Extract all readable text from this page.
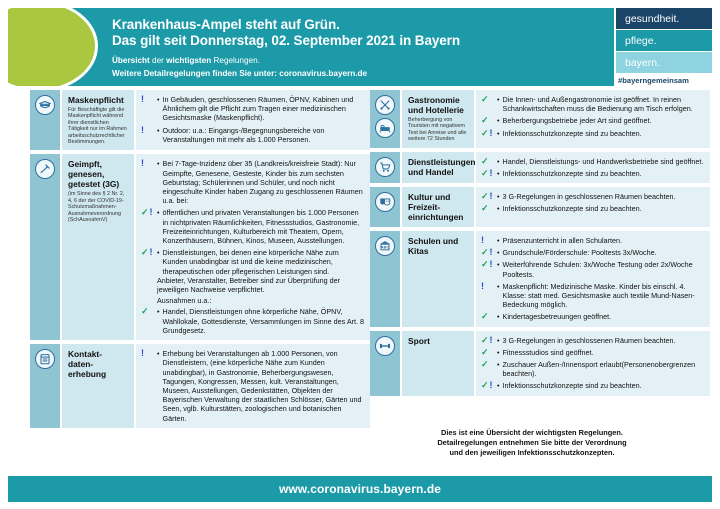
Krankenhaus-Ampel steht auf Grün.
Das gilt seit Donnerstag, 02. September 2021 in Bayern
Übersicht der wichtigsten Regelungen.
Weitere Detailregelungen finden Sie unter: coronavirus.bayern.de
gesundheit.
pflege.
bayern.
#bayerngemeinsam
Maskenpflicht
Für Beschäftigte gilt die Maskenpflicht während ihrer dienstlichen Tätigkeit nur im Rahmen arbeitsschutzrechtlicher Bestimmungen.
! • In Gebäuden, geschlossenen Räumen, ÖPNV, Kabinen und Ähnlichem gilt die Pflicht zum Tragen einer medizinischen Gesichtsmaske (Maskenpflicht).
! • Outdoor: u.a.: Eingangs-/Begegnungsbereiche von Veranstaltungen mit mehr als 1.000 Personen.
Geimpft, genesen, getestet (3G)
(im Sinne des § 2 Nr. 2, 4, 6 der der COVID-19-Schutzmaßnahmen-Ausnahmeverordnung (SchAusnahmV)
! • Bei 7-Tage-Inzidenz über 35 (Landkreis/kreisfreie Stadt): Nur Geimpfte, Genesene, Gesteste, Kinder bis zum sechsten Geburtstag; Schülerinnen und Schüler, und noch nicht eingeschulte Kinder haben Zugang zu geschlossenen Räumen u.a. bei:
✓ ! • öffentlichen und privaten Veranstaltungen bis 1.000 Personen in nichtprivaten Räumlichkeiten, Fitnessstudios, Gastronomie, Freizeiteinrichtungen, Kulturbereich mit Theatern, Opern, Konzerthäusern, Bühnen, Kinos, Museen, Ausstellungen.
✓ ! • Dienstleistungen, bei denen eine körperliche Nähe zum Kunden unabdingbar ist und die keine medizinischen, therapeutischen oder pflegerischen Leistungen sind.
Anbieter, Veranstalter, Betreiber sind zur Überprüfung der jeweiligen Nachweise verpflichtet.
Ausnahmen u.a.:
✓ • Handel, Dienstleistungen ohne körperliche Nähe, ÖPNV, Wahllokale, Gottesdienste, Versammlungen im Sinne des Art. 8 Grundgesetz.
Kontakt- daten- erhebung
! • Erhebung bei Veranstaltungen ab 1.000 Personen, von Dienstleistern, (eine körperliche Nähe zum Kunden unabdingbar), in Gastronomie, Beherbergungswesen, Tagungen, Kongressen, Messen, kult. Veranstaltungen, Museen, Ausstellungen, Gedenkstätten, Objekten der Bayerischen Verwaltung der staatlichen Schlösser, Gärten und Seen, vglb. Kulturstätten, zoologischen und botanischen Gärten.
Gastronomie und Hotellerie
Beherbergung von Touristen mit negativem Test bei Anreise und alle weitere 72 Stunden
✓ • Die Innen- und Außengastronomie ist geöffnet. In reinen Schankwirtschaften muss die Bedienung am Tisch erfolgen.
✓ • Beherbergungsbetriebe jeder Art sind geöffnet.
✓ ! • Infektionsschutzkonzepte sind zu beachten.
Dienstleistungen und Handel
✓ • Handel, Dienstleistungs- und Handwerksbetriebe sind geöffnet.
✓ ! • Infektionsschutzkonzepte sind zu beachten.
Kultur und Freizeit- einrichtungen
✓ ! • 3 G-Regelungen in geschlossenen Räumen beachten.
✓ • Infektionsschutzkonzepte sind zu beachten.
ABC
Schulen und Kitas
! • Präsenzunterricht in allen Schularten.
✓ ! • Grundschule/Förderschule: Pooltests 3x/Woche.
✓ ! • Weiterführende Schulen: 3x/Woche Testung oder 2x/Woche Pooltests.
! • Maskenpflicht: Medizinische Maske. Kinder bis einschl. 4. Klasse: statt med. Gesichtsmaske auch textile Mund-Nasen-Bedeckung möglich.
✓ • Kindertagesbetreuungen geöffnet.
Sport	✓ ! • 3 G-Regelungen in geschlossenen Räumen beachten.
✓ • Fitnessstudios sind geöffnet.
✓ • Zuschauer Außen-/Innensport erlaubt(Personenobergrenzen beachten).
✓ ! • Infektionsschutzkonzepte sind zu beachten.
Dies ist eine Übersicht der wichtigsten Regelungen.
Detailregelungen entnehmen Sie bitte der Verordnung
und den jeweiligen Infektionsschutzkonzepten.
www.coronavirus.bayern.de
